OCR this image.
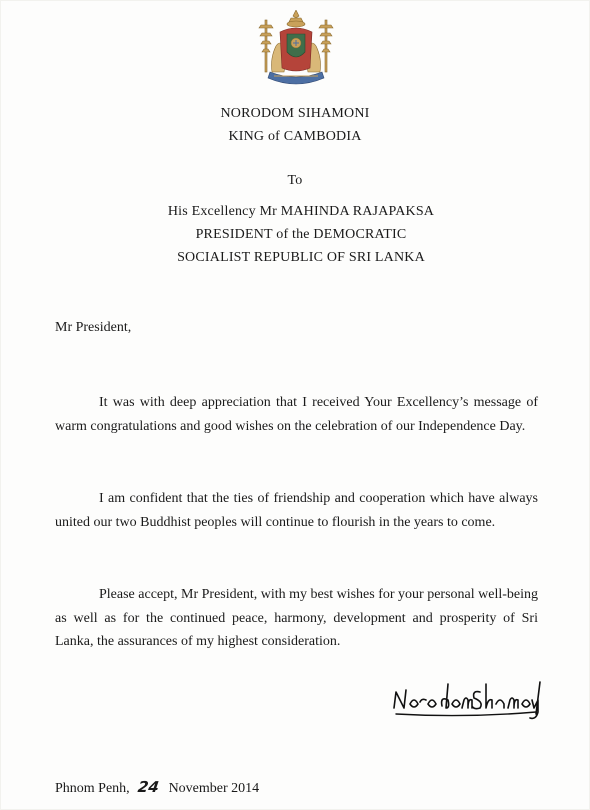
NORODOM SIHAMONI
KING of CAMBODIA
To
His Excellency Mr MAHINDA RAJAPAKSA
PRESIDENT of the DEMOCRATIC
SOCIALIST REPUBLIC OF SRI LANKA
Mr President,

It was with deep appreciation that I received Your Excellency’s message of warm congratulations and good wishes on the celebration of our Independence Day.

I am confident that the ties of friendship and cooperation which have always united our two Buddhist peoples will continue to flourish in the years to come.

Please accept, Mr President, with my best wishes for your personal well-being as well as for the continued peace, harmony, development and prosperity of Sri Lanka, the assurances of my highest consideration.

Phnom Penh, 24 November 2014
